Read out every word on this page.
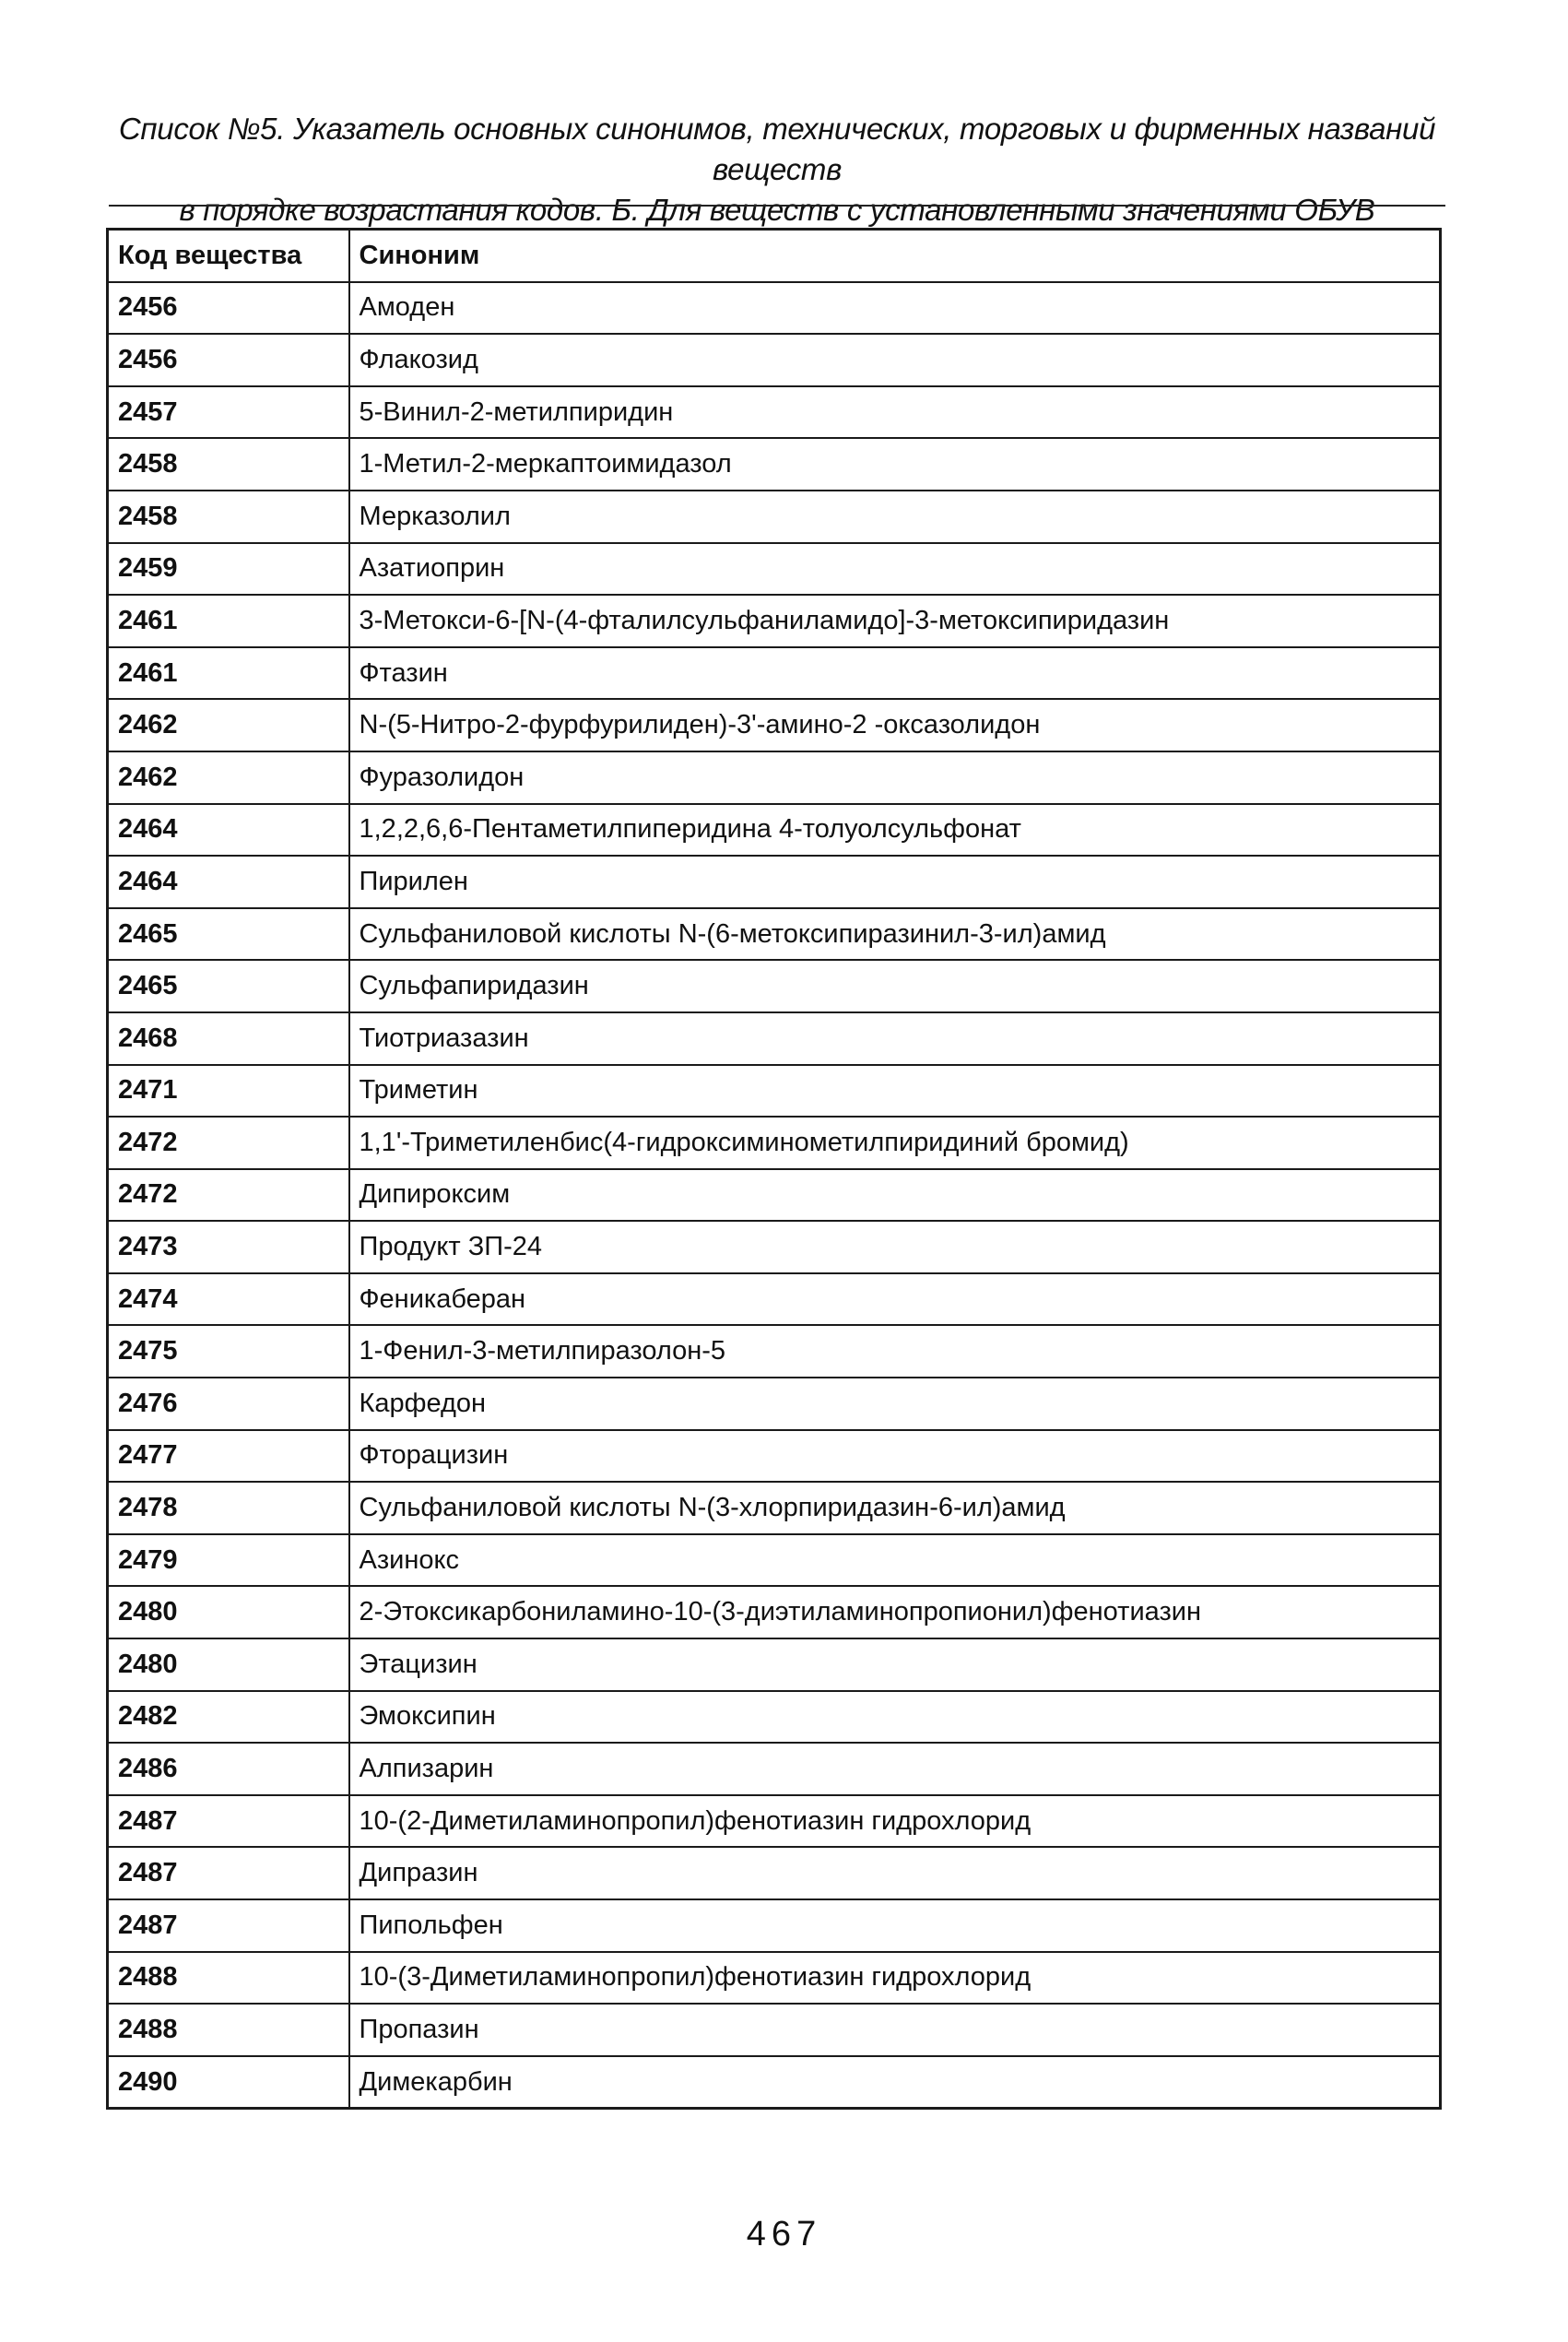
Список №5. Указатель основных синонимов, технических, торговых и фирменных названий веществ
в порядке возрастания кодов. Б. Для веществ с установленными значениями ОБУВ
Код вещества	Синоним
2456	Амоден
2456	Флакозид
2457	5-Винил-2-метилпиридин
2458	1-Метил-2-меркаптоимидазол
2458	Мерказолил
2459	Азатиоприн
2461	3-Метокси-6-[N-(4-фталилсульфаниламидо]-3-метоксипиридазин
2461	Фтазин
2462	N-(5-Нитро-2-фурфурилиден)-3'-амино-2 -оксазолидон
2462	Фуразолидон
2464	1,2,2,6,6-Пентаметилпиперидина 4-толуолсульфонат
2464	Пирилен
2465	Сульфаниловой кислоты N-(6-метоксипиразинил-3-ил)амид
2465	Сульфапиридазин
2468	Тиотриазазин
2471	Триметин
2472	1,1'-Триметиленбис(4-гидроксиминометилпиридиний бромид)
2472	Дипироксим
2473	Продукт ЗП-24
2474	Феникаберан
2475	1-Фенил-3-метилпиразолон-5
2476	Карфедон
2477	Фторацизин
2478	Сульфаниловой кислоты N-(3-хлорпиридазин-6-ил)амид
2479	Азинокс
2480	2-Этоксикарбониламино-10-(3-диэтиламинопропионил)фенотиазин
2480	Этацизин
2482	Эмоксипин
2486	Алпизарин
2487	10-(2-Диметиламинопропил)фенотиазин гидрохлорид
2487	Дипразин
2487	Пипольфен
2488	10-(3-Диметиламинопропил)фенотиазин гидрохлорид
2488	Пропазин
2490	Димекарбин
467
